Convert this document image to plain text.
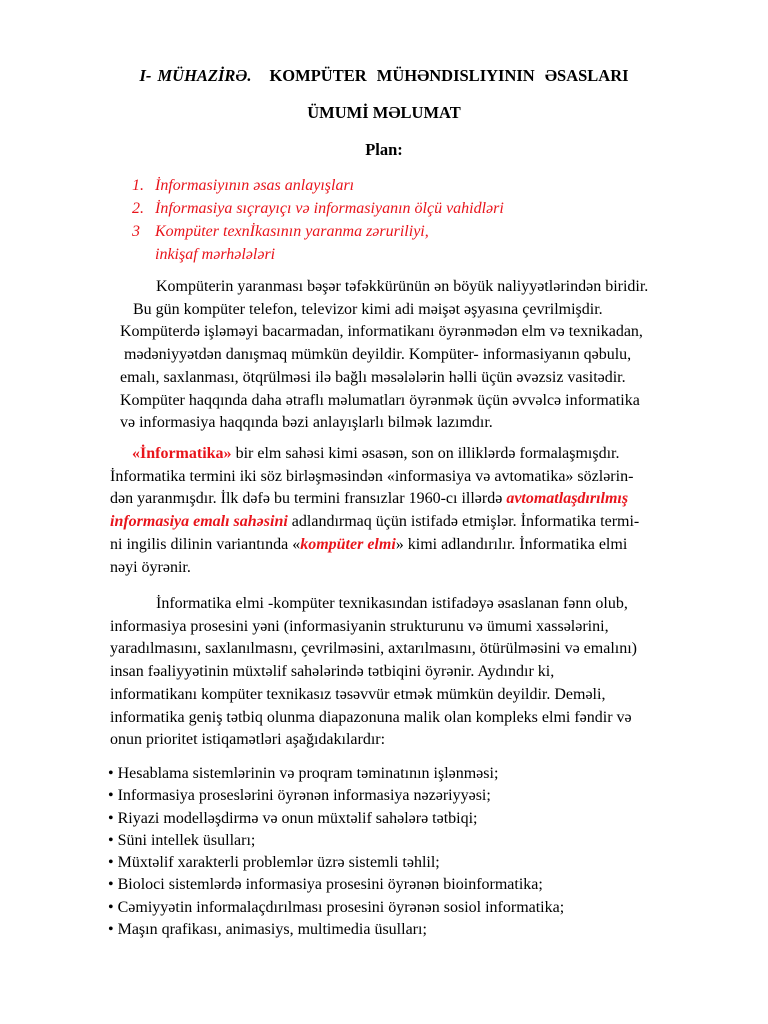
I- MÜHAZİRƏ. KOMPÜTER MÜHƏNDISLIYININ ƏSASLARI
ÜMUMİ MƏLUMAT
Plan:
1. İnformasiyının əsas anlayışları
2. İnformasiya sıçrayıçı və informasiyanın ölçü vahidləri
3 Kompüter texnİkasının yaranma zəruriliyi,
inkişaf mərhələləri
Kompüterin yaranması bəşər təfəkkürünün ən böyük naliyyətlərindən biridir.
Bu gün kompüter telefon, televizor kimi adi məişət əşyasına çevrilmişdir.
Kompüterdə işləməyi bacarmadan, informatikanı öyrənmədən elm və texnikadan,
mədəniyyətdən danışmaq mümkün deyildir. Kompüter- informasiyanın qəbulu,
emalı, saxlanması, ötqrülməsi ilə bağlı məsələlərin həlli üçün əvəzsiz vasitədir.
Kompüter haqqında daha ətraflı məlumatları öyrənmək üçün əvvəlcə informatika
və informasiya haqqında bəzi anlayışlarlı bilmək lazımdır.
«İnformatika» bir elm sahəsi kimi əsasən, son on illiklərdə formalaşmışdır.
İnformatika termini iki söz birləşməsindən «informasiya və avtomatika» sözlərin-
dən yaranmışdır. İlk dəfə bu termini fransızlar 1960-cı illərdə avtomatlaşdırılmış
informasiya emalı sahəsini adlandırmaq üçün istifadə etmişlər. İnformatika termi-
ni ingilis dilinin variantında «kompüter elmi» kimi adlandırılır. İnformatika elmi
nəyi öyrənir.
İnformatika elmi -kompüter texnikasından istifadəyə əsaslanan fənn olub,
informasiya prosesini yəni (informasiyanin strukturunu və ümumi xassələrini,
yaradılmasını, saxlanılmasnı, çevrilməsini, axtarılmasını, ötürülməsini və emalını)
insan fəaliyyətinin müxtəlif sahələrində tətbiqini öyrənir. Aydındır ki,
informatikanı kompüter texnikasız təsəvvür etmək mümkün deyildir. Deməli,
informatika geniş tətbiq olunma diapazonuna malik olan kompleks elmi fəndir və
onun prioritet istiqamətləri aşağıdakılardır:
• Hesablama sistemlərinin və proqram təminatının işlənməsi;
• Informasiya proseslərini öyrənən informasiya nəzəriyyəsi;
• Riyazi modelləşdirmə və onun müxtəlif sahələrə tətbiqi;
• Süni intellek üsulları;
• Müxtəlif xarakterli problemlər üzrə sistemli təhlil;
• Bioloci sistemlərdə informasiya prosesini öyrənən bioinformatika;
• Cəmiyyətin informalaçdırılması prosesini öyrənən sosiol informatika;
• Maşın qrafikası, animasiys, multimedia üsulları;
